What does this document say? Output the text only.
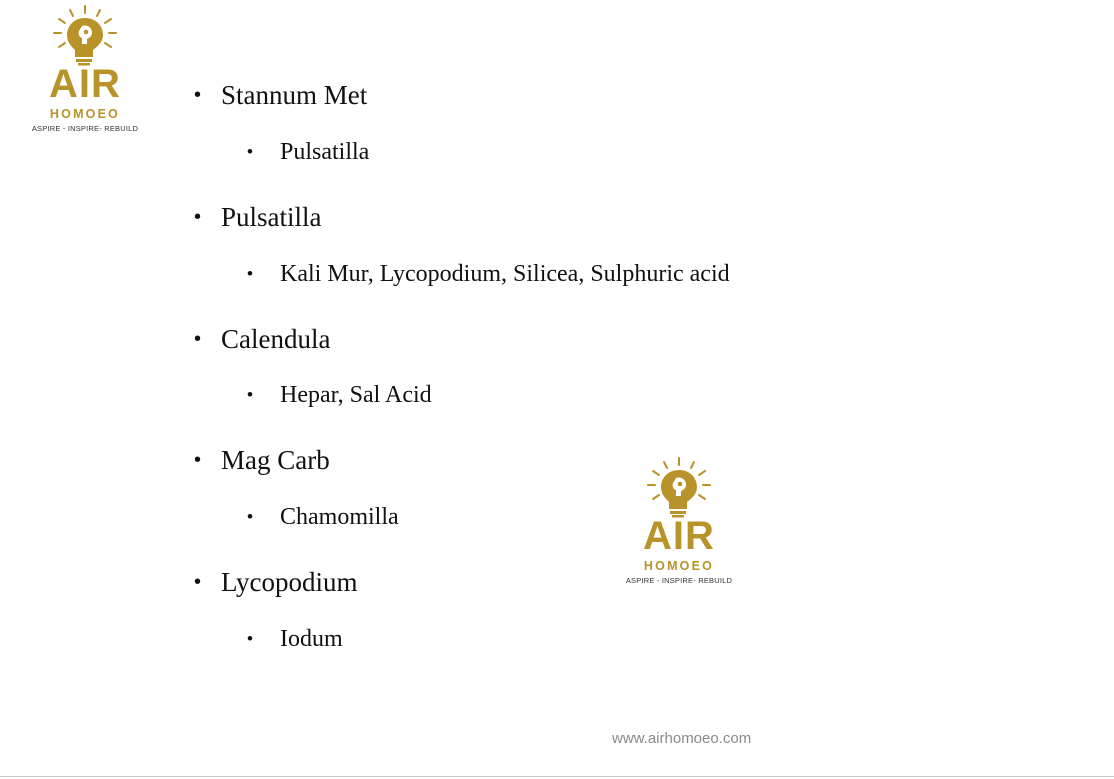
AIR
HOMOEO
ASPIRE - INSPIRE- REBUILD
AIR
HOMOEO
ASPIRE - INSPIRE- REBUILD
• Stannum Met
• Pulsatilla
• Pulsatilla
• Kali Mur, Lycopodium, Silicea, Sulphuric acid
• Calendula
• Hepar, Sal Acid
• Mag Carb
• Chamomilla
• Lycopodium
• Iodum
www.airhomoeo.com
